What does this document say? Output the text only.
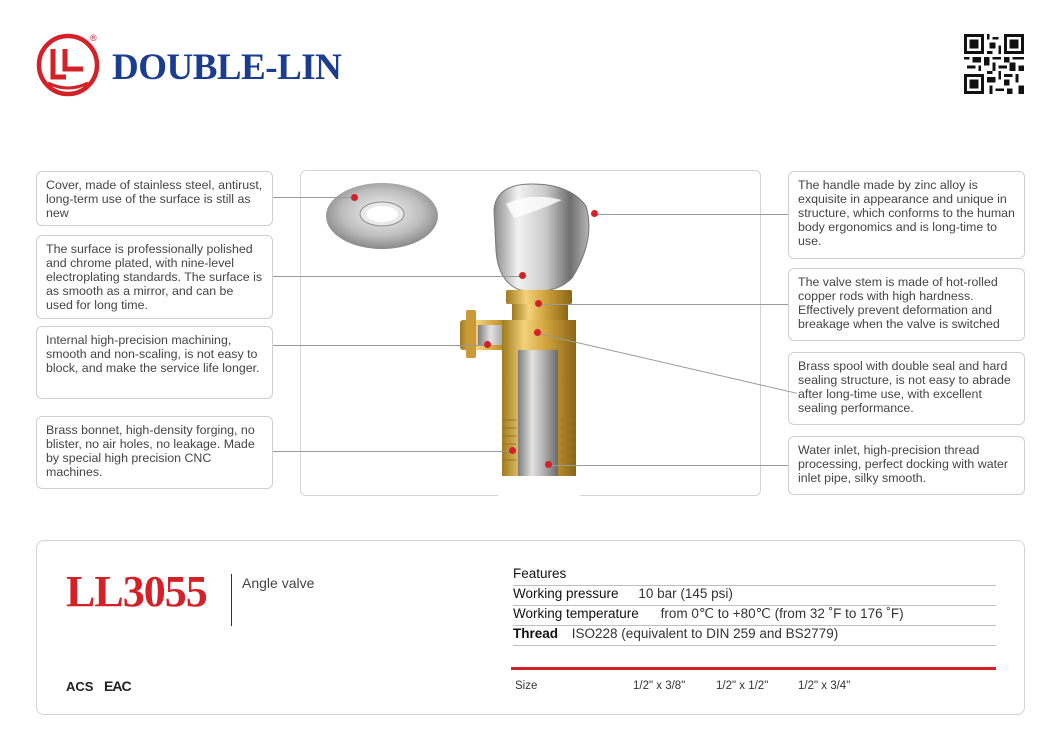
®
DOUBLE-LIN
Cover, made of stainless steel, antirust, long-term use of the surface is still as new
The surface is professionally polished and chrome plated, with nine-level electroplating standards. The surface is as smooth as a mirror, and can be used for long time.
Internal high-precision machining, smooth and non-scaling, is not easy to block, and make the service life longer.
Brass bonnet, high-density forging, no blister, no air holes, no leakage. Made by special high precision CNC machines.
The handle made by zinc alloy is exquisite in appearance and unique in structure, which conforms to the human body ergonomics and is long-time to use.
The valve stem is made of hot-rolled copper rods with high hardness. Effectively prevent deformation and breakage when the valve is switched
Brass spool with double seal and hard sealing structure, is not easy to abrade after long-time use, with excellent sealing performance.
Water inlet, high-precision thread processing, perfect docking with water inlet pipe, silky smooth.
LL3055	Angle valve
ACS EAC
Features
Working pressure 10 bar (145 psi)
Working temperature from 0℃ to +80℃ (from 32 ˚F to 176 ˚F)
Thread ISO228 (equivalent to DIN 259 and BS2779)
Size	1/2" x 3/8"	1/2" x 1/2"	1/2" x 3/4"
